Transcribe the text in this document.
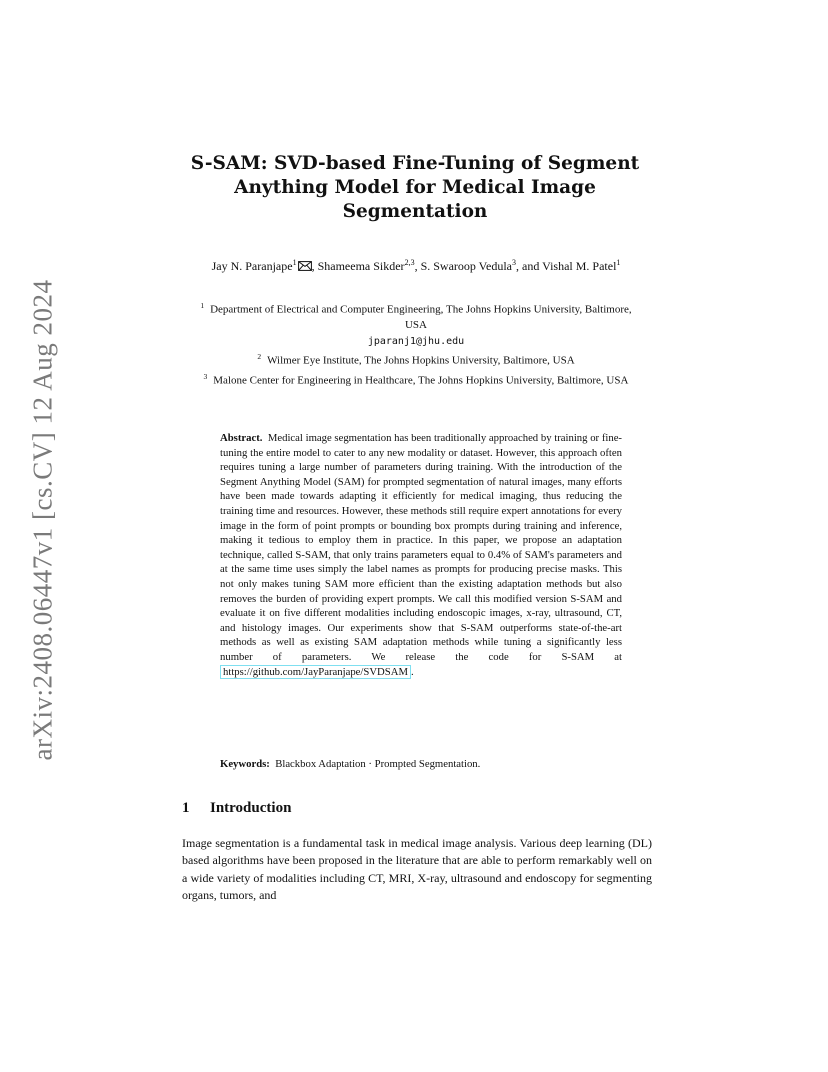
arXiv:2408.06447v1 [cs.CV] 12 Aug 2024
S-SAM: SVD-based Fine-Tuning of Segment Anything Model for Medical Image Segmentation
Jay N. Paranjape$^1$ , Shameema Sikder$^{2,3}$, S. Swaroop Vedula$^3$, and Vishal M. Patel$^1$
$^1$ Department of Electrical and Computer Engineering, The Johns Hopkins University, Baltimore, USA
jparanj1@jhu.edu
$^2$ Wilmer Eye Institute, The Johns Hopkins University, Baltimore, USA
$^3$ Malone Center for Engineering in Healthcare, The Johns Hopkins University, Baltimore, USA
Abstract. Medical image segmentation has been traditionally approached by training or fine-tuning the entire model to cater to any new modality or dataset. However, this approach often requires tuning a large number of parameters during training. With the introduction of the Segment Anything Model (SAM) for prompted segmentation of natural images, many efforts have been made towards adapting it efficiently for medical imaging, thus reducing the training time and resources. However, these methods still require expert annotations for every image in the form of point prompts or bounding box prompts during training and inference, making it tedious to employ them in practice. In this paper, we propose an adaptation technique, called S-SAM, that only trains parameters equal to 0.4% of SAM's parameters and at the same time uses simply the label names as prompts for producing precise masks. This not only makes tuning SAM more efficient than the existing adaptation methods but also removes the burden of providing expert prompts. We call this modified version S-SAM and evaluate it on five different modalities including endoscopic images, x-ray, ultrasound, CT, and histology images. Our experiments show that S-SAM outperforms state-of-the-art methods as well as existing SAM adaptation methods while tuning a significantly less number of parameters. We release the code for S-SAM at https://github.com/JayParanjape/SVDSAM .
Keywords: Blackbox Adaptation · Prompted Segmentation.
1 Introduction
Image segmentation is a fundamental task in medical image analysis. Various deep learning (DL) based algorithms have been proposed in the literature that are able to perform remarkably well on a wide variety of modalities including CT, MRI, X-ray, ultrasound and endoscopy for segmenting organs, tumors, and
